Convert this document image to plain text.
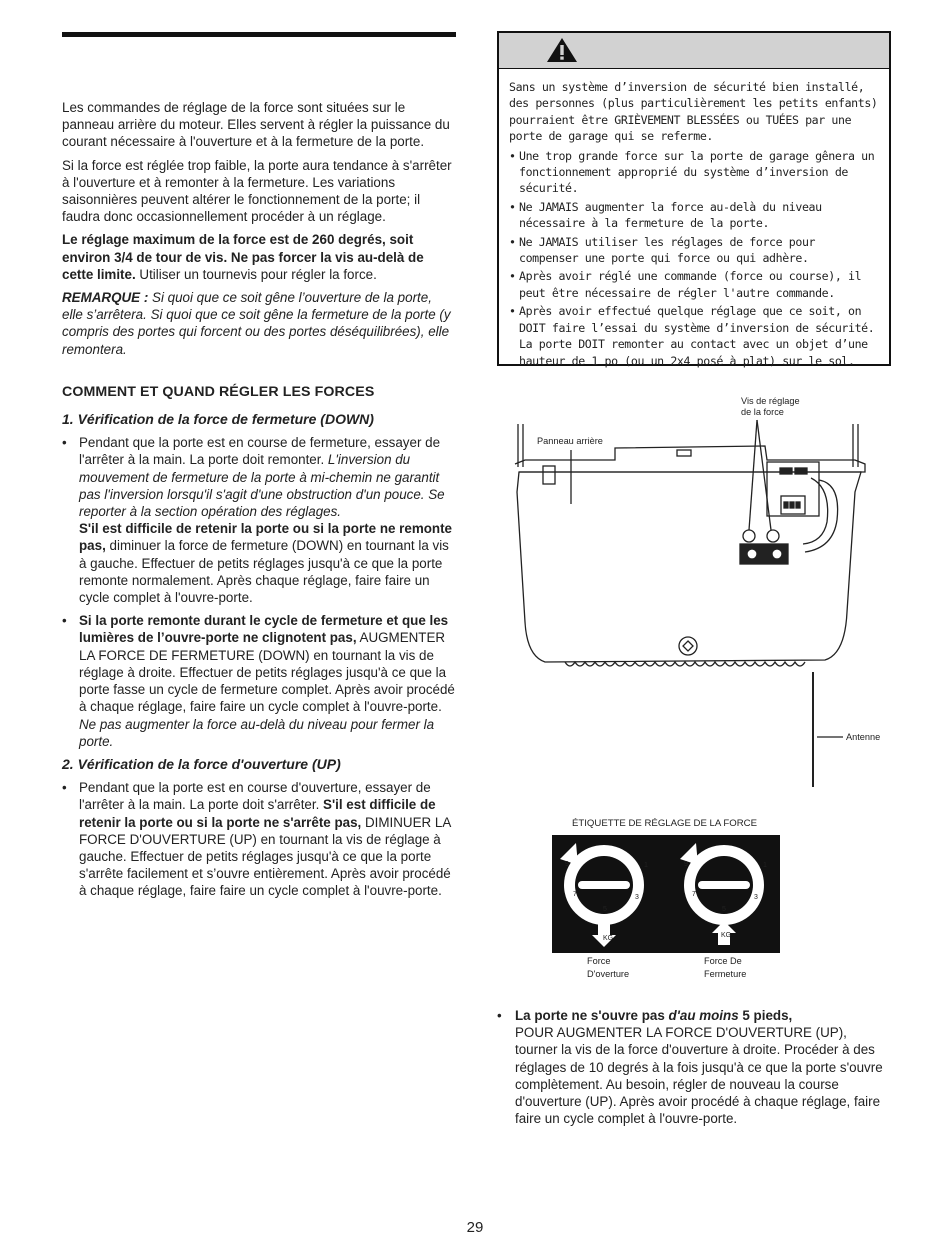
Les commandes de réglage de la force sont situées sur le panneau arrière du moteur. Elles servent à régler la puissance du courant nécessaire à l'ouverture et à la fermeture de la porte.

Si la force est réglée trop faible, la porte aura tendance à s'arrêter à l'ouverture et à remonter à la fermeture. Les variations saisonnières peuvent altérer le fonctionnement de la porte; il faudra donc occasionnellement procéder à un réglage.

Le réglage maximum de la force est de 260 degrés, soit environ 3/4 de tour de vis. Ne pas forcer la vis au-delà de cette limite. Utiliser un tournevis pour régler la force.

REMARQUE : Si quoi que ce soit gêne l’ouverture de la porte, elle s’arrêtera. Si quoi que ce soit gêne la fermeture de la porte (y compris des portes qui forcent ou des portes déséquilibrées), elle remontera.

COMMENT ET QUAND RÉGLER LES FORCES
1. Vérification de la force de fermeture (DOWN)
• Pendant que la porte est en course de fermeture, essayer de l'arrêter à la main. La porte doit remonter. L'inversion du mouvement de fermeture de la porte à mi-chemin ne garantit pas l'inversion lorsqu'il s'agit d'une obstruction d'un pouce. Se reporter à la section opération des réglages.
S'il est difficile de retenir la porte ou si la porte ne remonte pas, diminuer la force de fermeture (DOWN) en tournant la vis à gauche. Effectuer de petits réglages jusqu'à ce que la porte remonte normalement. Après chaque réglage, faire faire un cycle complet à l'ouvre-porte.
• Si la porte remonte durant le cycle de fermeture et que les lumières de l’ouvre-porte ne clignotent pas, AUGMENTER LA FORCE DE FERMETURE (DOWN) en tournant la vis de réglage à droite. Effectuer de petits réglages jusqu'à ce que la porte fasse un cycle de fermeture complet. Après avoir procédé à chaque réglage, faire faire un cycle complet à l'ouvre-porte. Ne pas augmenter la force au-delà du niveau pour fermer la porte.
2. Vérification de la force d'ouverture (UP)
• Pendant que la porte est en course d'ouverture, essayer de l'arrêter à la main. La porte doit s'arrêter. S'il est difficile de retenir la porte ou si la porte ne s'arrête pas, DIMINUER LA FORCE D'OUVERTURE (UP) en tournant la vis de réglage à gauche. Effectuer de petits réglages jusqu'à ce que la porte s'arrête facilement et s’ouvre entièrement. Après avoir procédé à chaque réglage, faire faire un cycle complet à l'ouvre-porte.

Sans un système d’inversion de sécurité bien installé, des personnes (plus particulièrement les petits enfants) pourraient être GRIÈVEMENT BLESSÉES ou TUÉES par une porte de garage qui se referme.

• Une trop grande force sur la porte de garage gênera un fonctionnement approprié du système d’inversion de sécurité.
• Ne JAMAIS augmenter la force au-delà du niveau nécessaire à la fermeture de la porte.
• Ne JAMAIS utiliser les réglages de force pour compenser une porte qui force ou qui adhère.
• Après avoir réglé une commande (force ou course), il peut être nécessaire de régler l'autre commande.
• Après avoir effectué quelque réglage que ce soit, on DOIT faire l’essai du système d’inversion de sécurité. La porte DOIT remonter au contact avec un objet d’une hauteur de 1 po (ou un 2x4 posé à plat) sur le sol.
Vis de réglage
de la force
Panneau arrière
Antenne
ÉTIQUETTE DE RÉGLAGE DE LA FORCE
9
7
5
3
1	9
7
5
3
1
KG	KG
Force
D'overture
Force De
Fermeture
• La porte ne s'ouvre pas d'au moins 5 pieds,
POUR AUGMENTER LA FORCE D'OUVERTURE (UP), tourner la vis de la force d'ouverture à droite. Procéder à des réglages de 10 degrés à la fois jusqu'à ce que la porte s'ouvre complètement. Au besoin, régler de nouveau la course d'ouverture (UP). Après avoir procédé à chaque réglage, faire faire un cycle complet à l'ouvre-porte.
29
